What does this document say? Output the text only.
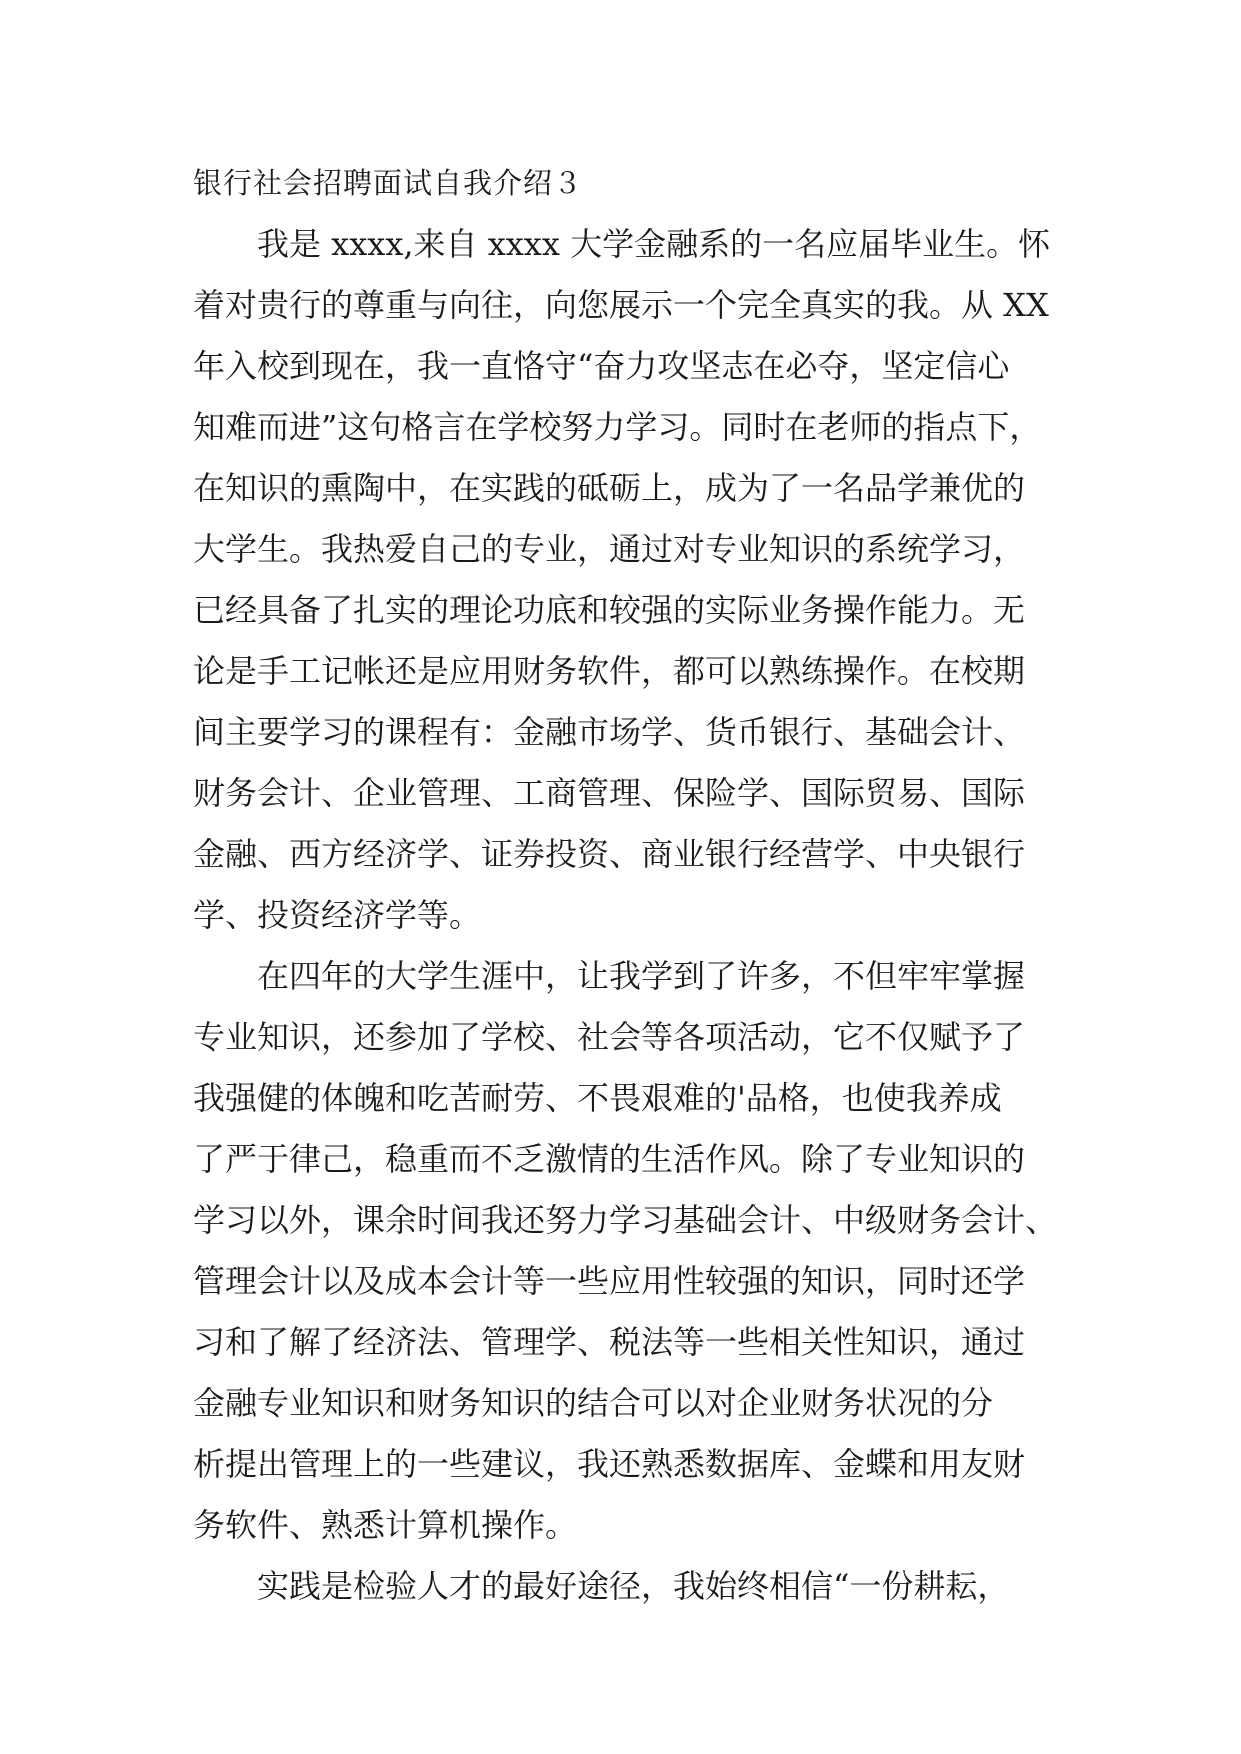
银行社会招聘面试自我介绍３
我是 xxxx,来自 xxxx 大学金融系的一名应届毕业生。怀
着对贵行的尊重与向往，向您展示一个完全真实的我。从 XX
年入校到现在，我一直恪守“奋力攻坚志在必夺，坚定信心
知难而进”这句格言在学校努力学习。同时在老师的指点下，
在知识的熏陶中，在实践的砥砺上，成为了一名品学兼优的
大学生。我热爱自己的专业，通过对专业知识的系统学习，
已经具备了扎实的理论功底和较强的实际业务操作能力。无
论是手工记帐还是应用财务软件，都可以熟练操作。在校期
间主要学习的课程有：金融市场学、货币银行、基础会计、
财务会计、企业管理、工商管理、保险学、国际贸易、国际
金融、西方经济学、证券投资、商业银行经营学、中央银行
学、投资经济学等。
在四年的大学生涯中，让我学到了许多，不但牢牢掌握
专业知识，还参加了学校、社会等各项活动，它不仅赋予了
我强健的体魄和吃苦耐劳、不畏艰难的'品格，也使我养成
了严于律己，稳重而不乏激情的生活作风。除了专业知识的
学习以外，课余时间我还努力学习基础会计、中级财务会计、
管理会计以及成本会计等一些应用性较强的知识，同时还学
习和了解了经济法、管理学、税法等一些相关性知识，通过
金融专业知识和财务知识的结合可以对企业财务状况的分
析提出管理上的一些建议，我还熟悉数据库、金蝶和用友财
务软件、熟悉计算机操作。
实践是检验人才的最好途径，我始终相信“一份耕耘，
